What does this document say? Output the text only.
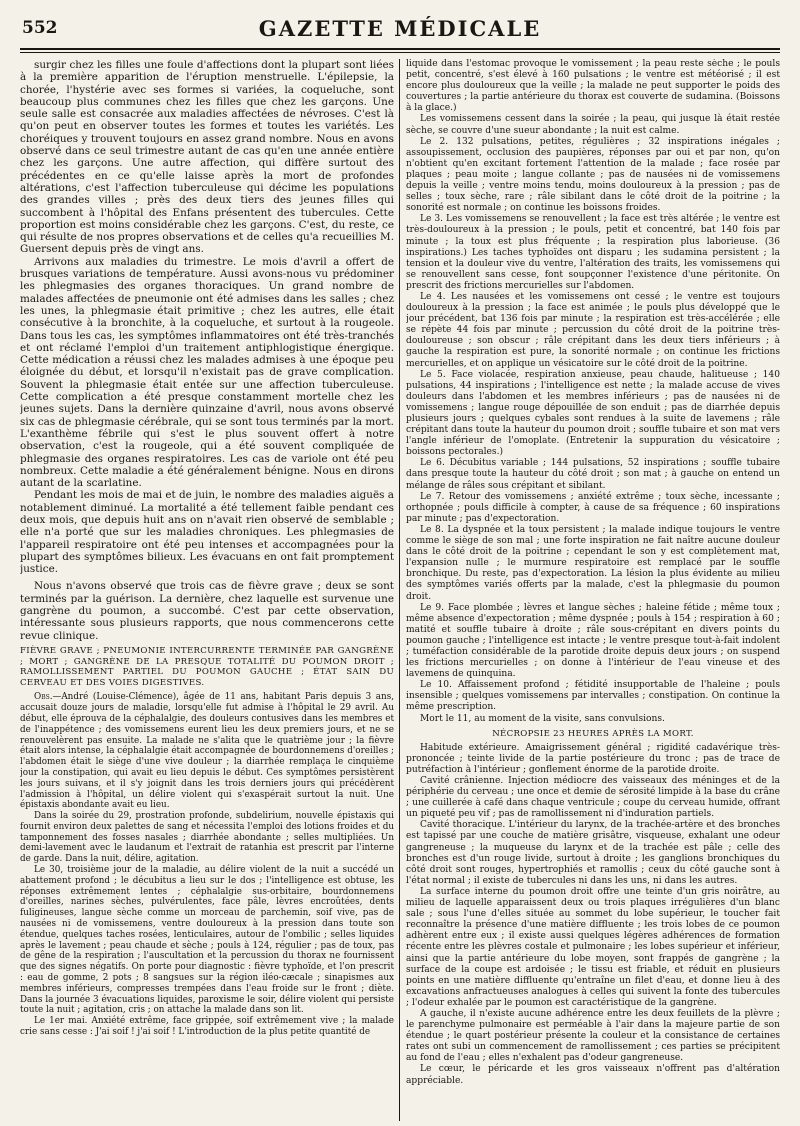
552	GAZETTE MÉDICALE

surgir chez les filles une foule d'affections dont la plupart sont liées à la première apparition de l'éruption menstruelle. L'épilepsie, la chorée, l'hystérie avec ses formes si variées, la coqueluche, sont beaucoup plus communes chez les filles que chez les garçons. Une seule salle est consacrée aux maladies affectées de névroses. C'est là qu'on peut en observer toutes les formes et toutes les variétés. Les choréiques y trouvent toujours en assez grand nombre. Nous en avons observé dans ce seul trimestre autant de cas qu'en une année entière chez les garçons. Une autre affection, qui diffère surtout des précédentes en ce qu'elle laisse après la mort de profondes altérations, c'est l'affection tuberculeuse qui décime les populations des grandes villes ; près des deux tiers des jeunes filles qui succombent à l'hôpital des Enfans présentent des tubercules. Cette proportion est moins considérable chez les garçons. C'est, du reste, ce qui résulte de nos propres observations et de celles qu'a recueillies M. Guersent depuis près de vingt ans.

Arrivons aux maladies du trimestre. Le mois d'avril a offert de brusques variations de température. Aussi avons-nous vu prédominer les phlegmasies des organes thoraciques. Un grand nombre de malades affectées de pneumonie ont été admises dans les salles ; chez les unes, la phlegmasie était primitive ; chez les autres, elle était consécutive à la bronchite, à la coqueluche, et surtout à la rougeole. Dans tous les cas, les symptômes inflammatoires ont été très-tranchés et ont réclamé l'emploi d'un traitement antiphlogistique énergique. Cette médication a réussi chez les malades admises à une époque peu éloignée du début, et lorsqu'il n'existait pas de grave complication. Souvent la phlegmasie était entée sur une affection tuberculeuse. Cette complication a été presque constamment mortelle chez les jeunes sujets. Dans la dernière quinzaine d'avril, nous avons observé six cas de phlegmasie cérébrale, qui se sont tous terminés par la mort. L'exanthème fébrile qui s'est le plus souvent offert à notre observation, c'est la rougeole, qui a été souvent compliquée de phlegmasie des organes respiratoires. Les cas de variole ont été peu nombreux. Cette maladie a été généralement bénigne. Nous en dirons autant de la scarlatine.

Pendant les mois de mai et de juin, le nombre des maladies aiguës a notablement diminué. La mortalité a été tellement faible pendant ces deux mois, que depuis huit ans on n'avait rien observé de semblable ; elle n'a porté que sur les maladies chroniques. Les phlegmasies de l'appareil respiratoire ont été peu intenses et accompagnées pour la plupart des symptômes bilieux. Les évacuans en ont fait promptement justice.

Nous n'avons observé que trois cas de fièvre grave ; deux se sont terminés par la guérison. La dernière, chez laquelle est survenue une gangrène du poumon, a succombé. C'est par cette observation, intéressante sous plusieurs rapports, que nous commencerons cette revue clinique.

FIÈVRE GRAVE ; PNEUMONIE INTERCURRENTE TERMINÉE PAR GANGRÈNE ; MORT ; GANGRÈNE DE LA PRESQUE TOTALITÉ DU POUMON DROIT ; RAMOLLISSEMENT PARTIEL DU POUMON GAUCHE ; ÉTAT SAIN DU CERVEAU ET DES VOIES DIGESTIVES.

Obs.—André (Louise-Clémence), âgée de 11 ans, habitant Paris depuis 3 ans, accusait douze jours de maladie, lorsqu'elle fut admise à l'hôpital le 29 avril. Au début, elle éprouva de la céphalalgie, des douleurs contusives dans les membres et de l'inappétence ; des vomissemens eurent lieu les deux premiers jours, et ne se renouvelèrent pas ensuite. La malade ne s'alita que le quatrième jour ; la fièvre était alors intense, la céphalalgie était accompagnée de bourdonnemens d'oreilles ; l'abdomen était le siège d'une vive douleur ; la diarrhée remplaça le cinquième jour la constipation, qui avait eu lieu depuis le début. Ces symptômes persistèrent les jours suivans, et il s'y joignit dans les trois derniers jours qui précédèrent l'admission à l'hôpital, un délire violent qui s'exaspérait surtout la nuit. Une épistaxis abondante avait eu lieu.

Dans la soirée du 29, prostration profonde, subdelirium, nouvelle épistaxis qui fournit environ deux palettes de sang et nécessita l'emploi des lotions froides et du tamponnement des fosses nasales ; diarrhée abondante ; selles multipliées. Un demi-lavement avec le laudanum et l'extrait de ratanhia est prescrit par l'interne de garde. Dans la nuit, délire, agitation.

Le 30, troisième jour de la maladie, au délire violent de la nuit a succédé un abattement profond ; le décubitus a lieu sur le dos ; l'intelligence est obtuse, les réponses extrêmement lentes ; céphalalgie sus-orbitaire, bourdonnemens d'oreilles, narines sèches, pulvérulentes, face pâle, lèvres encroûtées, dents fuligineuses, langue sèche comme un morceau de parchemin, soif vive, pas de nausées ni de vomissemens, ventre douloureux à la pression dans toute son étendue, quelques taches rosées, lenticulaires, autour de l'ombilic ; selles liquides après le lavement ; peau chaude et sèche ; pouls à 124, régulier ; pas de toux, pas de gêne de la respiration ; l'auscultation et la percussion du thorax ne fournissent que des signes négatifs. On porte pour diagnostic : fièvre typhoïde, et l'on prescrit : eau de gomme, 2 pots ; 8 sangsues sur la région iléo-cæcale ; sinapismes aux membres inférieurs, compresses trempées dans l'eau froide sur le front ; diète. Dans la journée 3 évacuations liquides, paroxisme le soir, délire violent qui persiste toute la nuit ; agitation, cris ; on attache la malade dans son lit.

Le 1er mai. Anxiété extrême, face grippée, soif extrêmement vive ; la malade crie sans cesse : J'ai soif ! j'ai soif ! L'introduction de la plus petite quantité de

liquide dans l'estomac provoque le vomissement ; la peau reste sèche ; le pouls petit, concentré, s'est élevé à 160 pulsations ; le ventre est météorisé ; il est encore plus douloureux que la veille ; la malade ne peut supporter le poids des couvertures ; la partie antérieure du thorax est couverte de sudamina. (Boissons à la glace.)

Les vomissemens cessent dans la soirée ; la peau, qui jusque là était restée sèche, se couvre d'une sueur abondante ; la nuit est calme.

Le 2. 132 pulsations, petites, régulières ; 32 inspirations inégales ; assoupissement, occlusion des paupières, réponses par oui et par non, qu'on n'obtient qu'en excitant fortement l'attention de la malade ; face rosée par plaques ; peau moite ; langue collante ; pas de nausées ni de vomissemens depuis la veille ; ventre moins tendu, moins douloureux à la pression ; pas de selles ; toux sèche, rare ; râle sibilant dans le côté droit de la poitrine ; la sonorité est normale ; on continue les boissons froides.

Le 3. Les vomissemens se renouvellent ; la face est très altérée ; le ventre est très-douloureux à la pression ; le pouls, petit et concentré, bat 140 fois par minute ; la toux est plus fréquente ; la respiration plus laborieuse. (36 inspirations.) Les taches typhoïdes ont disparu ; les sudamina persistent ; la tension et la douleur vive du ventre, l'altération des traits, les vomissemens qui se renouvellent sans cesse, font soupçonner l'existence d'une péritonite. On prescrit des frictions mercurielles sur l'abdomen.

Le 4. Les nausées et les vomissemens ont cessé ; le ventre est toujours douloureux à la pression ; la face est animée ; le pouls plus développé que le jour précédent, bat 136 fois par minute ; la respiration est très-accélérée ; elle se répète 44 fois par minute ; percussion du côté droit de la poitrine très-douloureuse ; son obscur ; râle crépitant dans les deux tiers inférieurs ; à gauche la respiration est pure, la sonorité normale ; on continue les frictions mercurielles, et on applique un vésicatoire sur le côté droit de la poitrine.

Le 5. Face violacée, respiration anxieuse, peau chaude, halitueuse ; 140 pulsations, 44 inspirations ; l'intelligence est nette ; la malade accuse de vives douleurs dans l'abdomen et les membres inférieurs ; pas de nausées ni de vomissemens ; langue rouge dépouillée de son enduit ; pas de diarrhée depuis plusieurs jours ; quelques cybales sont rendues à la suite de lavemens ; râle crépitant dans toute la hauteur du poumon droit ; souffle tubaire et son mat vers l'angle inférieur de l'omoplate. (Entretenir la suppuration du vésicatoire ; boissons pectorales.)

Le 6. Décubitus variable ; 144 pulsations, 52 inspirations ; souffle tubaire dans presque toute la hauteur du côté droit ; son mat ; à gauche on entend un mélange de râles sous crépitant et sibilant.

Le 7. Retour des vomissemens ; anxiété extrême ; toux sèche, incessante ; orthopnée ; pouls difficile à compter, à cause de sa fréquence ; 60 inspirations par minute ; pas d'expectoration.

Le 8. La dyspnée et la toux persistent ; la malade indique toujours le ventre comme le siège de son mal ; une forte inspiration ne fait naître aucune douleur dans le côté droit de la poitrine ; cependant le son y est complètement mat, l'expansion nulle ; le murmure respiratoire est remplacé par le souffle bronchique. Du reste, pas d'expectoration. La lésion la plus évidente au milieu des symptômes variés offerts par la malade, c'est la phlegmasie du poumon droit.

Le 9. Face plombée ; lèvres et langue sèches ; haleine fétide ; même toux ; même absence d'expectoration ; même dyspnée ; pouls à 154 ; respiration à 60 ; matité et souffle tubaire à droite ; râle sous-crépitant en divers points du poumon gauche ; l'intelligence est intacte ; le ventre presque tout-à-fait indolent ; tuméfaction considérable de la parotide droite depuis deux jours ; on suspend les frictions mercurielles ; on donne à l'intérieur de l'eau vineuse et des lavemens de quinquina.

Le 10. Affaissement profond ; fétidité insupportable de l'haleine ; pouls insensible ; quelques vomissemens par intervalles ; constipation. On continue la même prescription.

Mort le 11, au moment de la visite, sans convulsions.

NÉCROPSIE 23 HEURES APRÈS LA MORT.

Habitude extérieure. Amaigrissement général ; rigidité cadavérique très-prononcée ; teinte livide de la partie postérieure du tronc ; pas de trace de putréfaction à l'intérieur ; gonflement énorme de la parotide droite.

Cavité crânienne. Injection médiocre des vaisseaux des méninges et de la périphérie du cerveau ; une once et demie de sérosité limpide à la base du crâne ; une cuillerée à café dans chaque ventricule ; coupe du cerveau humide, offrant un piqueté peu vif ; pas de ramollissement ni d'induration partiels.

Cavité thoracique. L'intérieur du larynx, de la trachée-artère et des bronches est tapissé par une couche de matière grisâtre, visqueuse, exhalant une odeur gangreneuse ; la muqueuse du larynx et de la trachée est pâle ; celle des bronches est d'un rouge livide, surtout à droite ; les ganglions bronchiques du côté droit sont rouges, hypertrophiés et ramollis ; ceux du côté gauche sont à l'état normal ; il existe de tubercules ni dans les uns, ni dans les autres.

La surface interne du poumon droit offre une teinte d'un gris noirâtre, au milieu de laquelle apparaissent deux ou trois plaques irrégulières d'un blanc sale ; sous l'une d'elles située au sommet du lobe supérieur, le toucher fait reconnaître la présence d'une matière diffluente ; les trois lobes de ce poumon adhèrent entre eux ; il existe aussi quelques légères adhérences de formation récente entre les plèvres costale et pulmonaire ; les lobes supérieur et inférieur, ainsi que la partie antérieure du lobe moyen, sont frappés de gangrène ; la surface de la coupe est ardoisée ; le tissu est friable, et réduit en plusieurs points en une matière diffluente qu'entraîne un filet d'eau, et donne lieu à des excavations anfractueuses analogues à celles qui suivent la fonte des tubercules ; l'odeur exhalée par le poumon est caractéristique de la gangrène.

A gauche, il n'existe aucune adhérence entre les deux feuillets de la plèvre ; le parenchyme pulmonaire est perméable à l'air dans la majeure partie de son étendue ; le quart postérieur présente la couleur et la consistance de certaines rates ont subi un commencement de ramollissement ; ces parties se précipitent au fond de l'eau ; elles n'exhalent pas d'odeur gangreneuse.

Le cœur, le péricarde et les gros vaisseaux n'offrent pas d'altération appréciable.
